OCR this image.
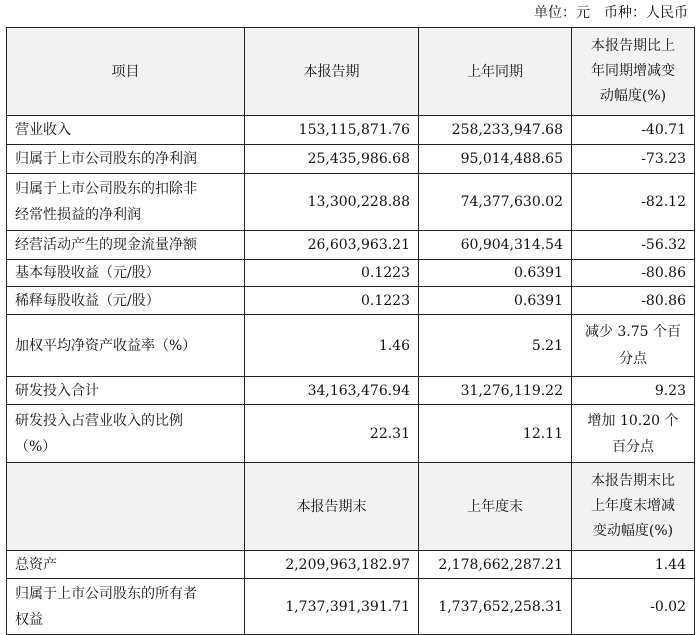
单位：元　币种：人民币
项目	本报告期	上年同期	本报告期比上
年同期增减变
动幅度(%)

营业收入	153,115,871.76	258,233,947.68	-40.71
归属于上市公司股东的净利润	25,435,986.68	95,014,488.65	-73.23

归属于上市公司股东的扣除非
经常性损益的净利润	13,300,228.88	74,377,630.02	-82.12
经营活动产生的现金流量净额	26,603,963.21	60,904,314.54	-56.32
基本每股收益（元/股）	0.1223	0.6391	-80.86
稀释每股收益（元/股）	0.1223	0.6391	-80.86
加权平均净资产收益率（%）	1.46	5.21	减少 3.75 个百
分点

研发投入合计	34,163,476.94	31,276,119.22	9.23

研发投入占营业收入的比例
（%）	22.31	12.11	增加 10.20 个
百分点

	本报告期末	上年度末	本报告期末比
上年度末增减
变动幅度(%)

总资产	2,209,963,182.97	2,178,662,287.21	1.44

归属于上市公司股东的所有者
权益	1,737,391,391.71	1,737,652,258.31	-0.02
